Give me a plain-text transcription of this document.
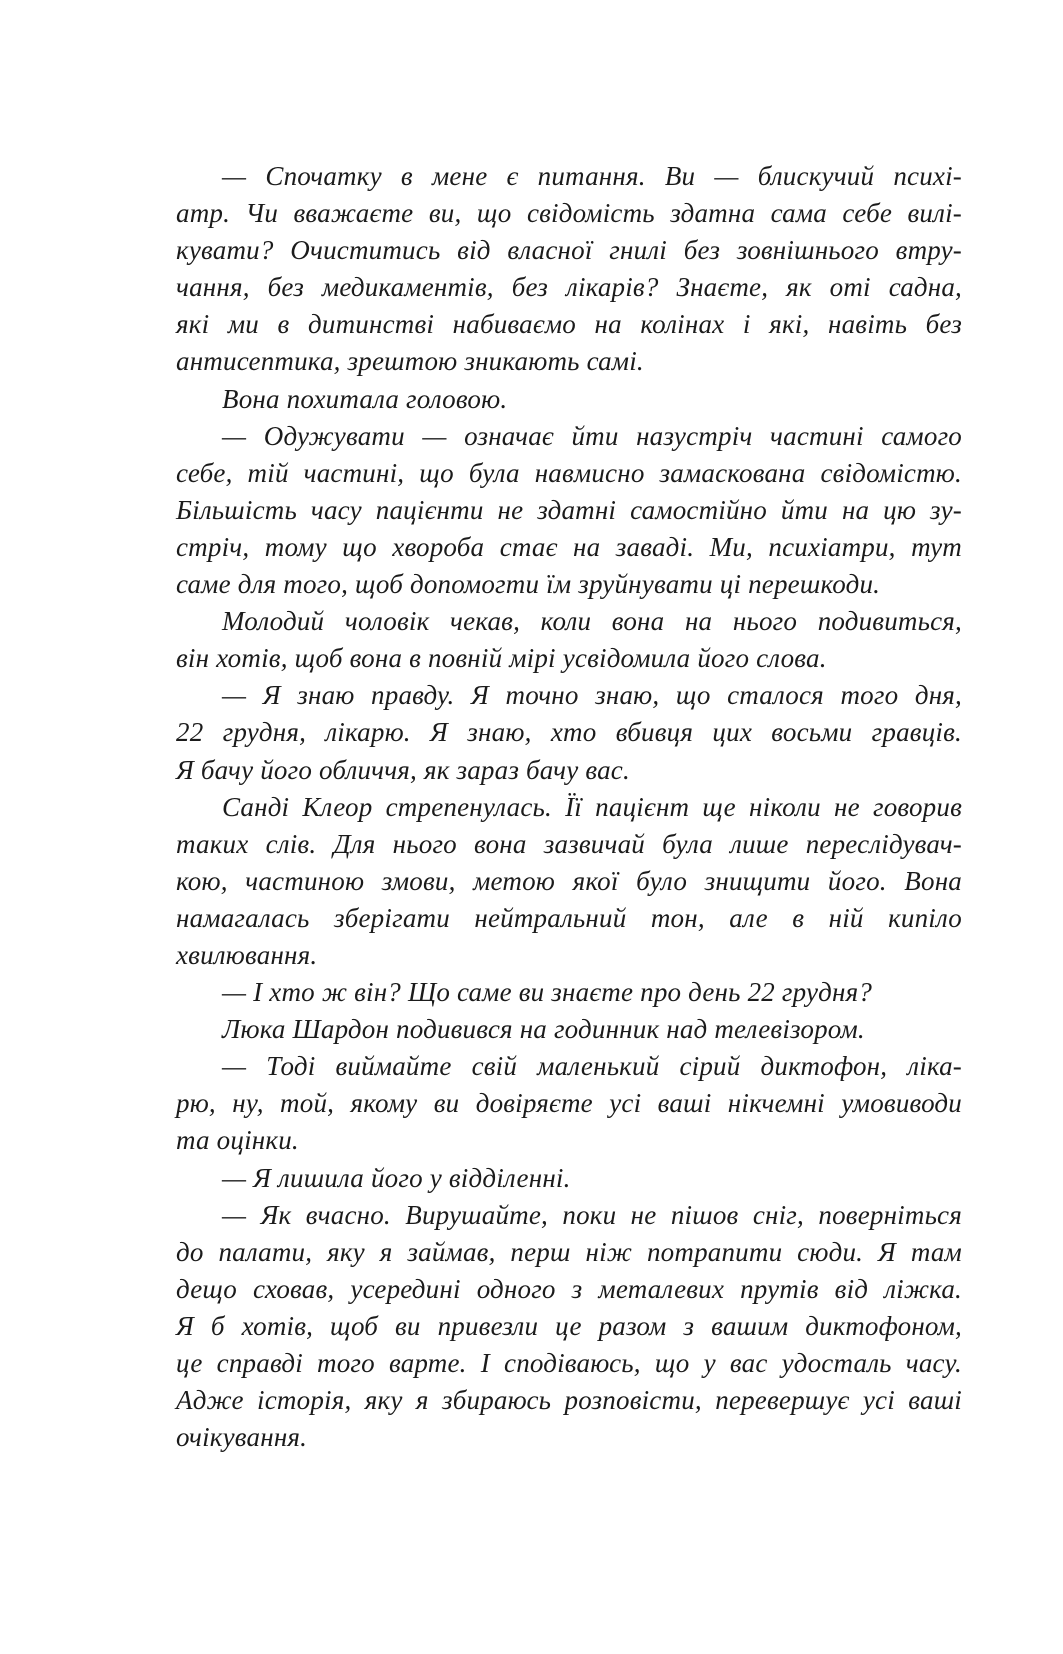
— Спочатку в мене є питання. Ви — блискучий психі-
атр. Чи вважаєте ви, що свідомість здатна сама себе вилі-
кувати? Очиститись від власної гнилі без зовнішнього втру-
чання, без медикаментів, без лікарів? Знаєте, як оті садна,
які ми в дитинстві набиваємо на колінах і які, навіть без
антисептика, зрештою зникають самі.
Вона похитала головою.
— Одужувати — означає йти назустріч частині самого
себе, тій частині, що була навмисно замаскована свідомістю.
Більшість часу пацієнти не здатні самостійно йти на цю зу-
стріч, тому що хвороба стає на заваді. Ми, психіатри, тут
саме для того, щоб допомогти їм зруйнувати ці перешкоди.
Молодий чоловік чекав, коли вона на нього подивиться,
він хотів, щоб вона в повній мірі усвідомила його слова.
— Я знаю правду. Я точно знаю, що сталося того дня,
22 грудня, лікарю. Я знаю, хто вбивця цих восьми гравців.
Я бачу його обличчя, як зараз бачу вас.
Санді Клеор стрепенулась. Її пацієнт ще ніколи не говорив
таких слів. Для нього вона зазвичай була лише переслідувач-
кою, частиною змови, метою якої було знищити його. Вона
намагалась зберігати нейтральний тон, але в ній кипіло
хвилювання.
— І хто ж він? Що саме ви знаєте про день 22 грудня?
Люка Шардон подивився на годинник над телевізором.
— Тоді виймайте свій маленький сірий диктофон, ліка-
рю, ну, той, якому ви довіряєте усі ваші нікчемні умовиводи
та оцінки.
— Я лишила його у відділенні.
— Як вчасно. Вирушайте, поки не пішов сніг, поверніться
до палати, яку я займав, перш ніж потрапити сюди. Я там
дещо сховав, усередині одного з металевих прутів від ліжка.
Я б хотів, щоб ви привезли це разом з вашим диктофоном,
це справді того варте. І сподіваюсь, що у вас удосталь часу.
Адже історія, яку я збираюсь розповісти, перевершує усі ваші
очікування.
